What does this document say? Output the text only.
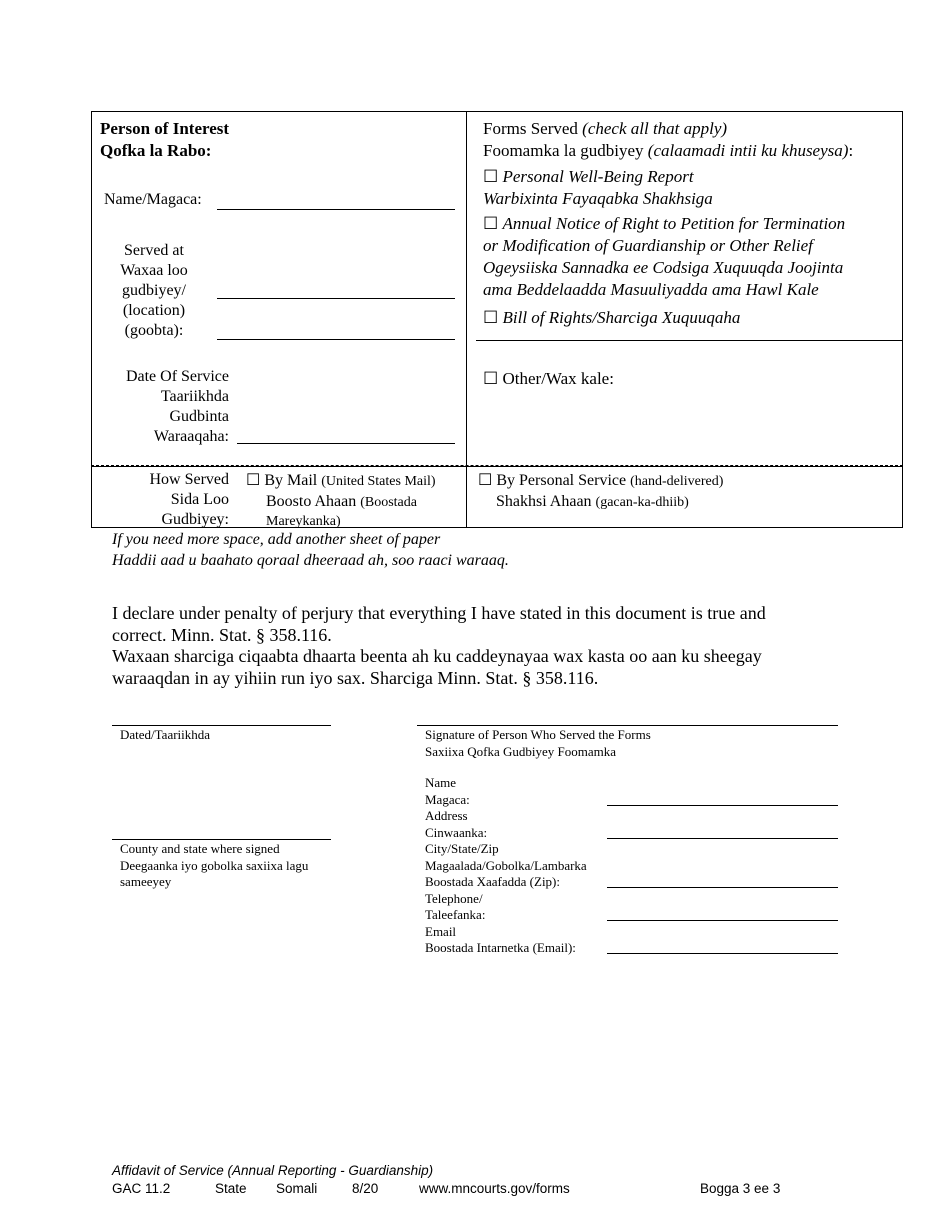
Person of Interest
Qofka la Rabo:
Name/Magaca:
Served at
Waxaa loo
gudbiyey/
(location)
(goobta):
Date Of Service
Taariikhda
Gudbinta
Waraaqaha:
Forms Served (check all that apply)
Foomamka la gudbiyey (calaamadi intii ku khuseysa):
☐ Personal Well-Being Report
Warbixinta Fayaqabka Shakhsiga
☐ Annual Notice of Right to Petition for Termination
or Modification of Guardianship or Other Relief
Ogeysiiska Sannadka ee Codsiga Xuquuqda Joojinta
ama Beddelaadda Masuuliyadda ama Hawl Kale
☐ Bill of Rights/Sharciga Xuquuqaha
☐ Other/Wax kale:
How Served
Sida Loo
Gudbiyey:
☐ By Mail (United States Mail)
Boosto Ahaan (Boostada
Mareykanka)
☐ By Personal Service (hand-delivered)
Shakhsi Ahaan (gacan-ka-dhiib)
If you need more space, add another sheet of paper
Haddii aad u baahato qoraal dheeraad ah, soo raaci waraaq.
I declare under penalty of perjury that everything I have stated in this document is true and
correct. Minn. Stat. § 358.116.
Waxaan sharciga ciqaabta dhaarta beenta ah ku caddeynayaa wax kasta oo aan ku sheegay
waraaqdan in ay yihiin run iyo sax. Sharciga Minn. Stat. § 358.116.
Dated/Taariikhda
County and state where signed
Deegaanka iyo gobolka saxiixa lagu
sameeyey
Signature of Person Who Served the Forms
Saxiixa Qofka Gudbiyey Foomamka
Name
Magaca:
Address
Cinwaanka:
City/State/Zip
Magaalada/Gobolka/Lambarka
Boostada Xaafadda (Zip):
Telephone/
Taleefanka:
Email
Boostada Intarnetka (Email):
Affidavit of Service (Annual Reporting - Guardianship)
GAC 11.2	State Somali	8/20	www.mncourts.gov/forms	Bogga 3 ee 3
